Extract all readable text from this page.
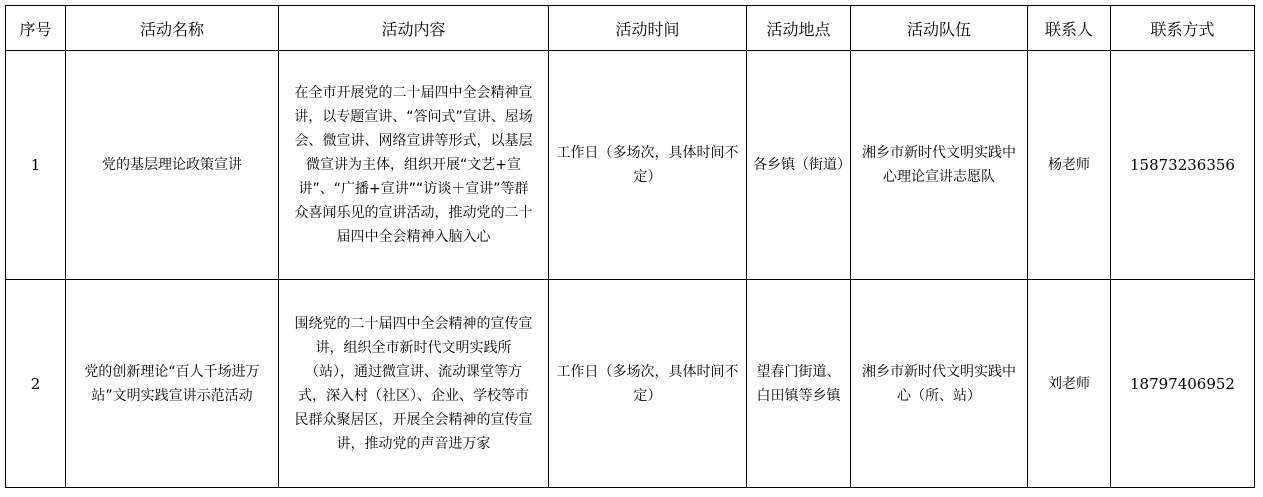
序号	活动名称	活动内容	活动时间	活动地点	活动队伍	联系人	联系方式
1	党的基层理论政策宣讲	在全市开展党的二十届四中全会精神宣讲，以专题宣讲、“答问式”宣讲、屋场会、微宣讲、网络宣讲等形式，以基层微宣讲为主体，组织开展“文艺+宣讲”、“广播+宣讲”“访谈＋宣讲”等群众喜闻乐见的宣讲活动，推动党的二十届四中全会精神入脑入心	工作日（多场次，具体时间不定）	各乡镇（街道）	湘乡市新时代文明实践中心理论宣讲志愿队	杨老师	15873236356
2	党的创新理论“百人千场进万站”文明实践宣讲示范活动	围绕党的二十届四中全会精神的宣传宣讲，组织全市新时代文明实践所（站），通过微宣讲、流动课堂等方式，深入村（社区）、企业、学校等市民群众聚居区，开展全会精神的宣传宣讲，推动党的声音进万家	工作日（多场次，具体时间不定）	望春门街道、白田镇等乡镇	湘乡市新时代文明实践中心（所、站）	刘老师	18797406952
